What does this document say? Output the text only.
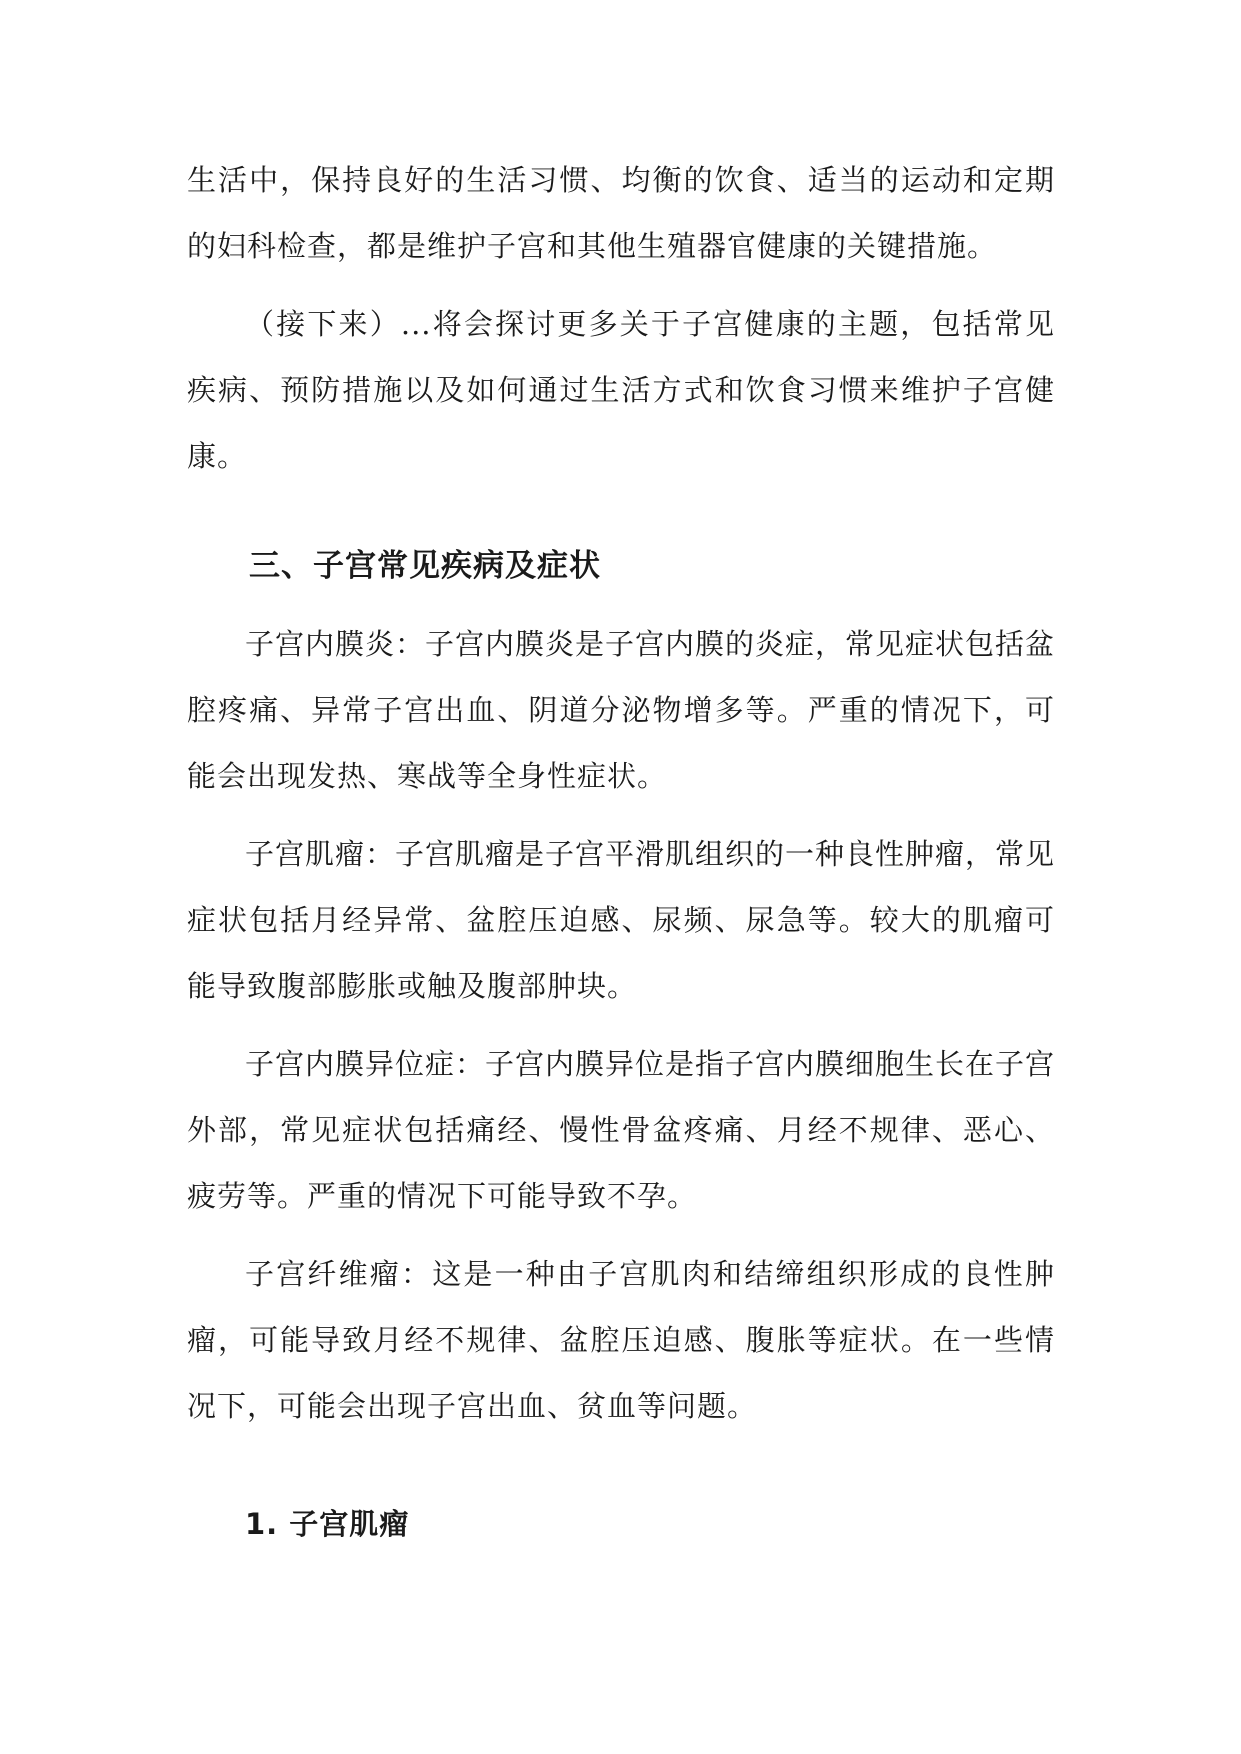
生活中，保持良好的生活习惯、均衡的饮食、适当的运动和定期的妇科检查，都是维护子宫和其他生殖器官健康的关键措施。

（接下来）...将会探讨更多关于子宫健康的主题，包括常见疾病、预防措施以及如何通过生活方式和饮食习惯来维护子宫健康。

三、子宫常见疾病及症状

子宫内膜炎：子宫内膜炎是子宫内膜的炎症，常见症状包括盆腔疼痛、异常子宫出血、阴道分泌物增多等。严重的情况下，可能会出现发热、寒战等全身性症状。

子宫肌瘤：子宫肌瘤是子宫平滑肌组织的一种良性肿瘤，常见症状包括月经异常、盆腔压迫感、尿频、尿急等。较大的肌瘤可能导致腹部膨胀或触及腹部肿块。

子宫内膜异位症：子宫内膜异位是指子宫内膜细胞生长在子宫外部，常见症状包括痛经、慢性骨盆疼痛、月经不规律、恶心、疲劳等。严重的情况下可能导致不孕。

子宫纤维瘤：这是一种由子宫肌肉和结缔组织形成的良性肿瘤，可能导致月经不规律、盆腔压迫感、腹胀等症状。在一些情况下，可能会出现子宫出血、贫血等问题。

1. 子宫肌瘤
